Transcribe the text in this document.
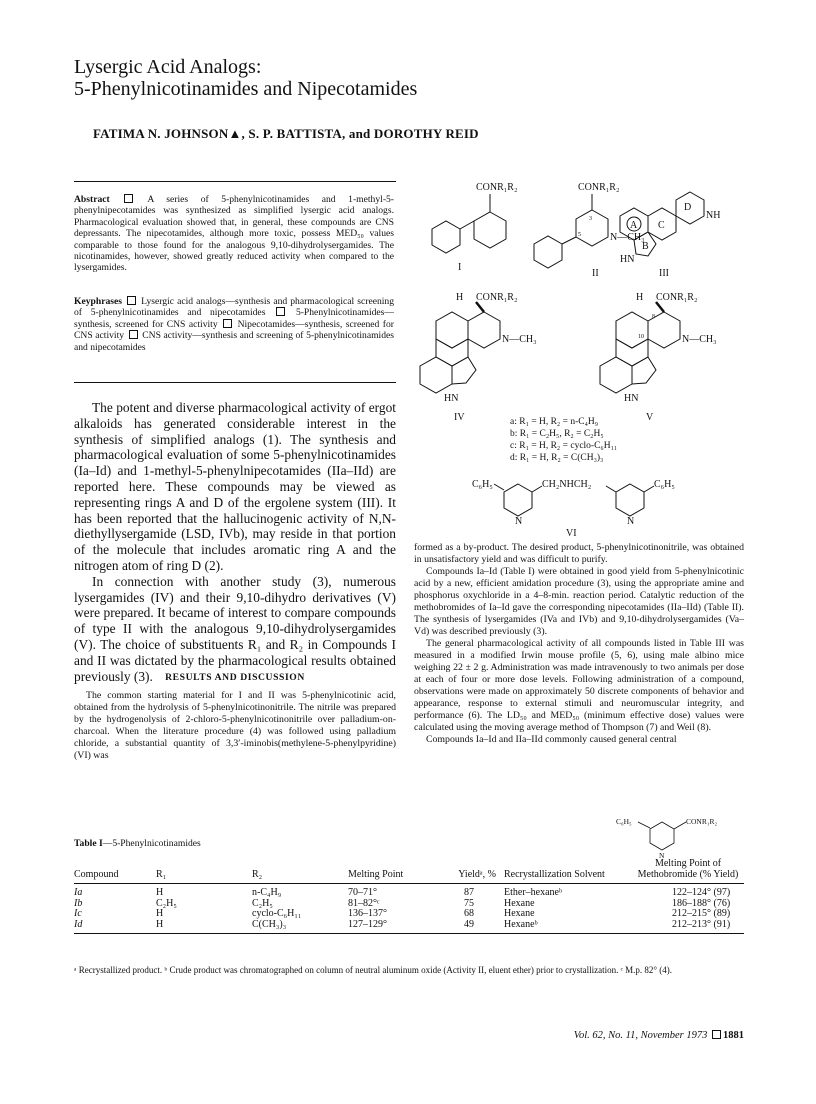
Lysergic Acid Analogs:
5-Phenylnicotinamides and Nipecotamides
FATIMA N. JOHNSON▲, S. P. BATTISTA, and DOROTHY REID
Abstract	A series of 5-phenylnicotinamides and 1-methyl-5-phenylnipecotamides was synthesized as simplified lysergic acid analogs. Pharmacological evaluation showed that, in general, these compounds are CNS depressants. The nipecotamides, although more toxic, possess MED₅₀ values comparable to those found for the analogous 9,10-dihydrolysergamides. The nicotinamides, however, showed greatly reduced activity when compared to the lysergamides.
Keyphrases Lysergic acid analogs—synthesis and pharmacological screening of 5-phenylnicotinamides and nipecotamides	5-Phenylnicotinamides—synthesis, screened for CNS activity Nipecotamides—synthesis, screened for CNS activity CNS activity—synthesis and screening of 5-phenylnicotinamides and nipecotamides

The potent and diverse pharmacological activity of ergot alkaloids has generated considerable interest in the synthesis of simplified analogs (1). The synthesis and pharmacological evaluation of some 5-phenylnicotinamides (Ia–Id) and 1-methyl-5-phenylnipecotamides (IIa–IId) are reported here. These compounds may be viewed as representing rings A and D of the ergolene system (III). It has been reported that the hallucinogenic activity of N,N-diethyllysergamide (LSD, IVb), may reside in that portion of the molecule that includes aromatic ring A and the nitrogen atom of ring D (2).

In connection with another study (3), numerous lysergamides (IV) and their 9,10-dihydro derivatives (V) were prepared. It became of interest to compare compounds of type II with the analogous 9,10-dihydrolysergamides (V). The choice of substituents R₁ and R₂ in Compounds I and II was dictated by the pharmacological results obtained previously (3).	RESULTS AND DISCUSSION

The common starting material for I and II was 5-phenylnicotinic acid, obtained from the hydrolysis of 5-phenylnicotinonitrile. The nitrile was prepared by the hydrogenolysis of 2-chloro-5-phenylnicotinonitrile over palladium-on-charcoal. When the literature procedure (4) was followed using palladium chloride, a substantial quantity of 3,3′-iminobis(methylene-5-phenylpyridine) (VI) was

CONR₁R₂
I
CONR₁R₂
3
5	N—CH₃
II
D
NH
C
A
B
HN
III
H CONR₁R₂
N—CH₃
HN
IV
H CONR₁R₂
8
N—CH₃
10
HN
V
a: R₁ = H, R₂ = n-C₄H₉
b: R₁ = C₂H₅, R₂ = C₂H₅
c: R₁ = H, R₂ = cyclo-C₆H₁₁
d: R₁ = H, R₂ = C(CH₃)₃
C₆H₅
N
CH₂NHCH₂
N
C₆H₅
VI

formed as a by-product. The desired product, 5-phenylnicotinonitrile, was obtained in unsatisfactory yield and was difficult to purify.

Compounds Ia–Id (Table I) were obtained in good yield from 5-phenylnicotinic acid by a new, efficient amidation procedure (3), using the appropriate amine and phosphorus oxychloride in a 4–8-min. reaction period. Catalytic reduction of the methobromides of Ia–Id gave the corresponding nipecotamides (IIa–IId) (Table II). The synthesis of lysergamides (IVa and IVb) and 9,10-dihydrolysergamides (Va–Vd) was described previously (3).

The general pharmacological activity of all compounds listed in Table III was measured in a modified Irwin mouse profile (5, 6), using male albino mice weighing 22 ± 2 g. Administration was made intravenously to two animals per dose at each of four or more dose levels. Following administration of a compound, observations were made on approximately 50 discrete components of behavior and appearance, response to external stimuli and neuromuscular integrity, and performance (6). The LD₅₀ and MED₅₀ (minimum effective dose) values were calculated using the moving average method of Thompson (7) and Weil (8).

Compounds Ia–Id and IIa–IId commonly caused general central

Table I—5-Phenylnicotinamides
C₆H₅	CONR₁R₂
N
Compound	R₁	R₂	Melting Point	Yieldᵃ, %	Recrystallization Solvent	Melting Point of Methobromide (% Yield)
Ia	H	n-C₄H₉	70–71°	87	Ether–hexaneᵇ	122–124° (97)
Ib	C₂H₅	C₂H₅	81–82°ᶜ	75	Hexane	186–188° (76)
Ic	H	cyclo-C₆H₁₁	136–137°	68	Hexane	212–215° (89)
Id	H	C(CH₃)₃	127–129°	49	Hexaneᵇ	212–213° (91)
ᵃ Recrystallized product. ᵇ Crude product was chromatographed on column of neutral aluminum oxide (Activity II, eluent ether) prior to crystallization. ᶜ M.p. 82° (4).
Vol. 62, No. 11, November 1973 1881
